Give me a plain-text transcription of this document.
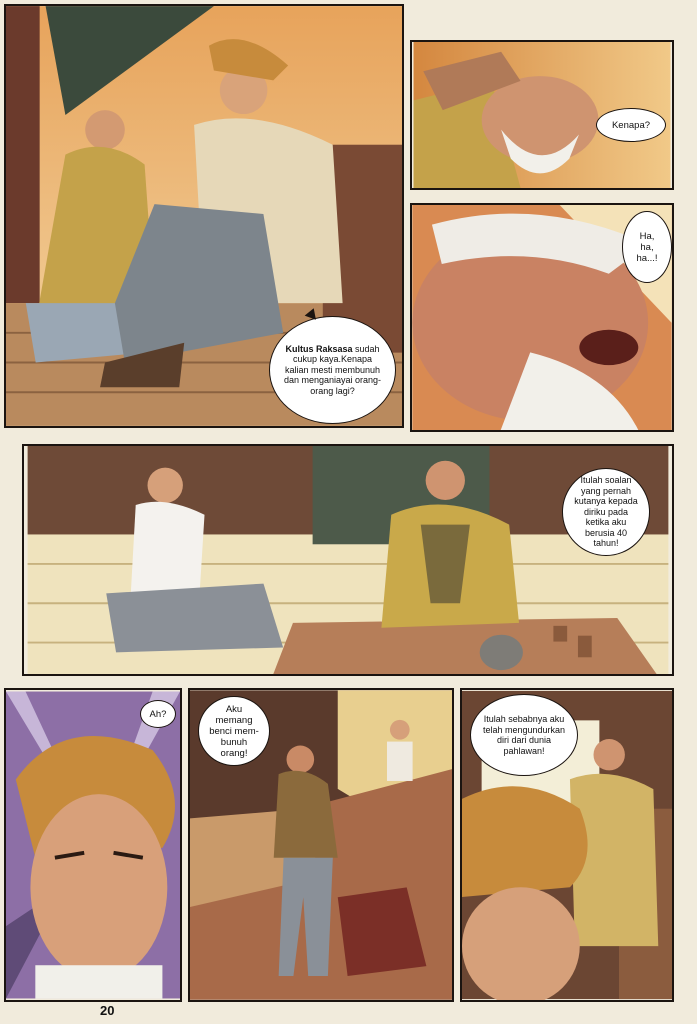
Kultus Raksasa sudah cukup kaya.Kenapa kalian mesti membunuh dan menganiayai orang-orang lagi?
Kenapa?
Ha, ha, ha...!
Itulah soalan yang pernah kutanya kepada diriku pada ketika aku berusia 40 tahun!
Ah?	Aku memang benci mem-bunuh orang!
Itulah sebabnya aku telah mengundurkan diri dari dunia pahlawan!
20
